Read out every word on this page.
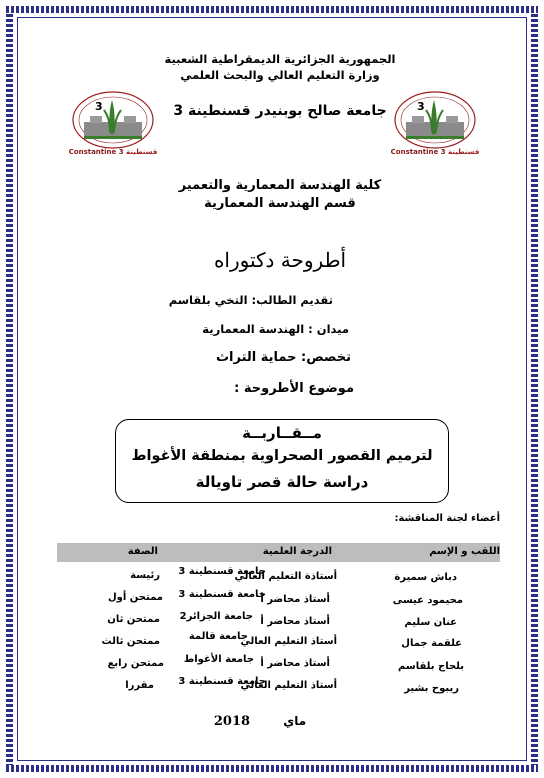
الجمهورية الجزائرية الديمقراطية الشعبية
وزارة التعليم العالي والبحث العلمي
جامعة صالح بوبنيدر قسنطينة 3
3
Constantine 3 قسنطينة
3
Constantine 3 قسنطينة
كلية الهندسة المعمارية والتعمير
قسم الهندسة المعمارية
أطروحة دكتوراه
تقديم الطالب: التخي بلقاسم
ميدان : الهندسة المعمارية
تخصص: حماية التراث
موضوع الأطروحة :
مــقــاربــة
لترميم القصور الصحراوية بمنطقة الأغواط
دراسة حالة قصر تاويالة
أعضاء لجنة المناقشة:
اللقب و الإسم
الدرجة العلمية
الصفة
دباش سميرة
أستاذة التعليم العالي
جامعة قسنطينة 3
رئيسة
محيمود عيسى
أستاذ محاضر أ
جامعة قسنطينة 3
ممتحن أول
عنان سليم
أستاذ محاضر أ
جامعة الجزائر2
ممتحن ثان
علقمة جمال
أستاذ التعليم العالي
جامعة قالمة
ممتحن ثالث
بلحاج بلقاسم
أستاذ محاضر أ
جامعة الأغواط
ممتحن رابع
ريبوح بشير
أستاذ التعليم العالي
جامعة قسنطينة 3
مقررا
2018	ماي
